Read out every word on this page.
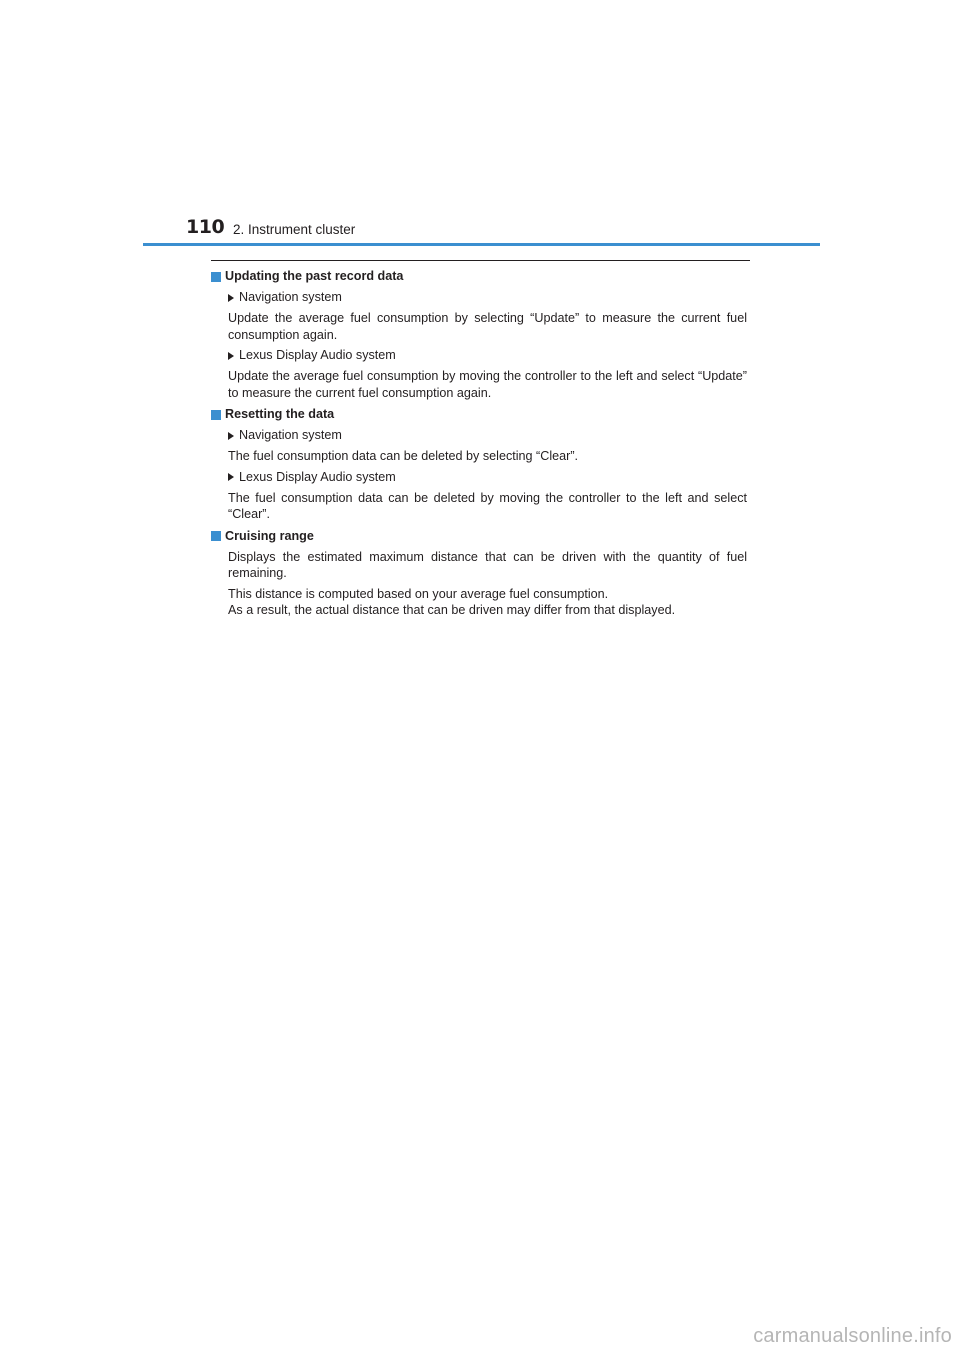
110 2. Instrument cluster
Updating the past record data
Navigation system
Update the average fuel consumption by selecting “Update” to measure the current fuel consumption again.
Lexus Display Audio system
Update the average fuel consumption by moving the controller to the left and select “Update” to measure the current fuel consumption again.
Resetting the data
Navigation system
The fuel consumption data can be deleted by selecting “Clear”.
Lexus Display Audio system
The fuel consumption data can be deleted by moving the controller to the left and select “Clear”.
Cruising range
Displays the estimated maximum distance that can be driven with the quantity of fuel remaining.
This distance is computed based on your average fuel consumption.
As a result, the actual distance that can be driven may differ from that displayed.
carmanualsonline.info
